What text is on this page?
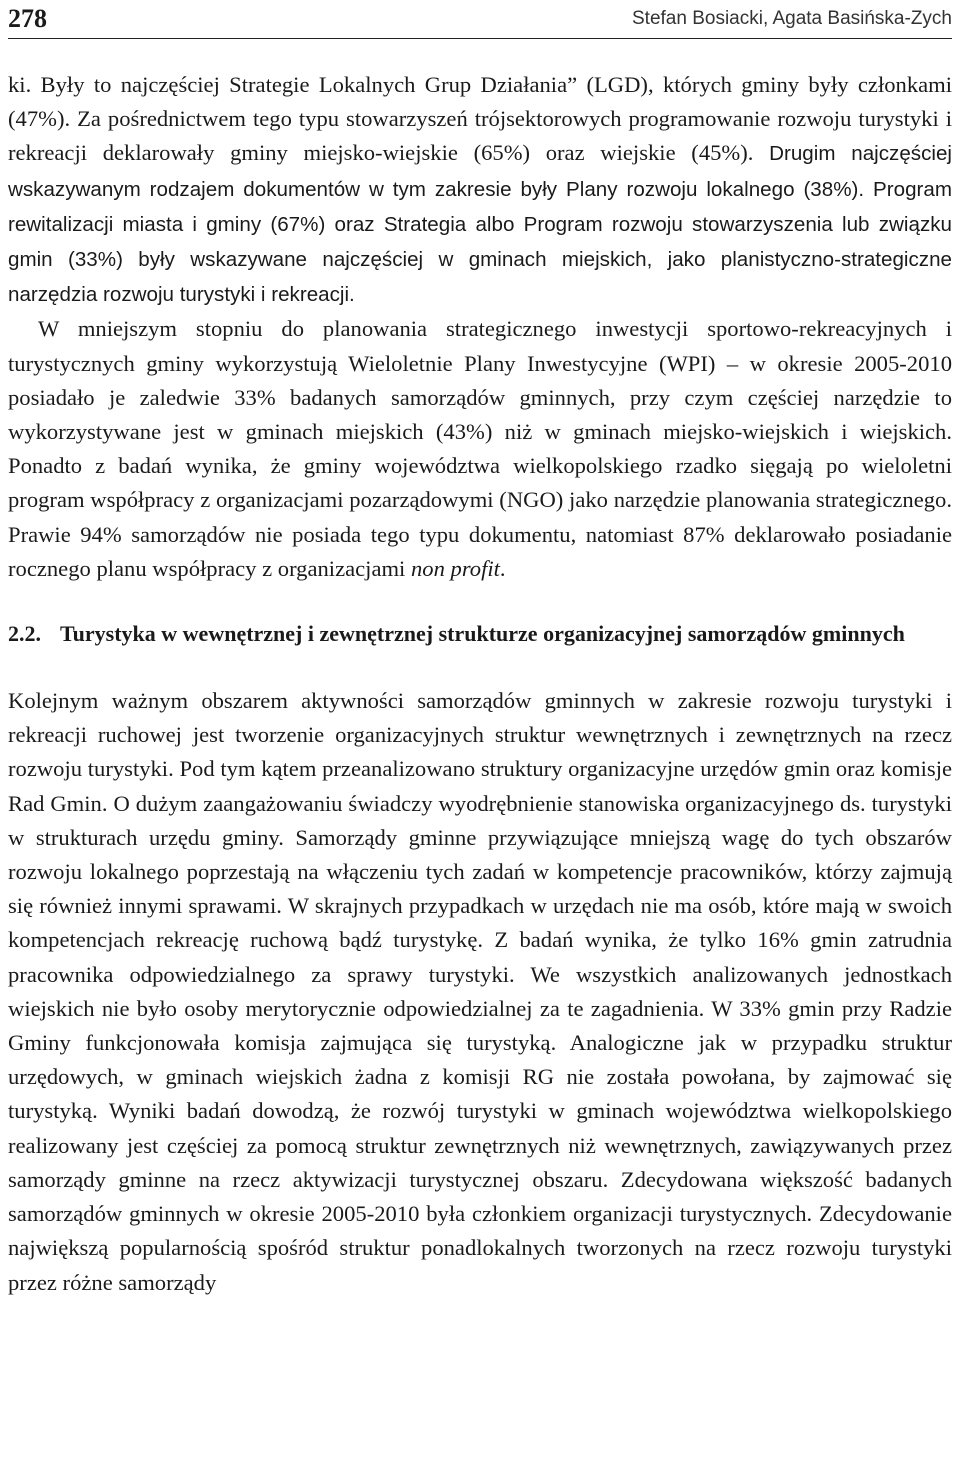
278	Stefan Bosiacki, Agata Basińska-Zych

ki. Były to najczęściej Strategie Lokalnych Grup Działania” (LGD), których gminy były członkami (47%). Za pośrednictwem tego typu stowarzyszeń trójsektorowych programowanie rozwoju turystyki i rekreacji deklarowały gminy miejsko-wiejskie (65%) oraz wiejskie (45%). Drugim najczęściej wskazywanym rodzajem dokumentów w tym zakresie były Plany rozwoju lokalnego (38%). Program rewitalizacji miasta i gminy (67%) oraz Strategia albo Program rozwoju stowarzyszenia lub związku gmin (33%) były wskazywane najczęściej w gminach miejskich, jako planistyczno-strategiczne narzędzia rozwoju turystyki i rekreacji.

W mniejszym stopniu do planowania strategicznego inwestycji sportowo-rekreacyjnych i turystycznych gminy wykorzystują Wieloletnie Plany Inwestycyjne (WPI) – w okresie 2005-2010 posiadało je zaledwie 33% badanych samorządów gminnych, przy czym częściej narzędzie to wykorzystywane jest w gminach miejskich (43%) niż w gminach miejsko-wiejskich i wiejskich. Ponadto z badań wynika, że gminy województwa wielkopolskiego rzadko sięgają po wieloletni program współpracy z organizacjami pozarządowymi (NGO) jako narzędzie planowania strategicznego. Prawie 94% samorządów nie posiada tego typu dokumentu, natomiast 87% deklarowało posiadanie rocznego planu współpracy z organizacjami non profit.

2.2. Turystyka w wewnętrznej i zewnętrznej strukturze organizacyjnej samorządów gminnych

Kolejnym ważnym obszarem aktywności samorządów gminnych w zakresie rozwoju turystyki i rekreacji ruchowej jest tworzenie organizacyjnych struktur wewnętrznych i zewnętrznych na rzecz rozwoju turystyki. Pod tym kątem przeanalizowano struktury organizacyjne urzędów gmin oraz komisje Rad Gmin. O dużym zaangażowaniu świadczy wyodrębnienie stanowiska organizacyjnego ds. turystyki w strukturach urzędu gminy. Samorządy gminne przywiązujące mniejszą wagę do tych obszarów rozwoju lokalnego poprzestają na włączeniu tych zadań w kompetencje pracowników, którzy zajmują się również innymi sprawami. W skrajnych przypadkach w urzędach nie ma osób, które mają w swoich kompetencjach rekreację ruchową bądź turystykę. Z badań wynika, że tylko 16% gmin zatrudnia pracownika odpowiedzialnego za sprawy turystyki. We wszystkich analizowanych jednostkach wiejskich nie było osoby merytorycznie odpowiedzialnej za te zagadnienia. W 33% gmin przy Radzie Gminy funkcjonowała komisja zajmująca się turystyką. Analogiczne jak w przypadku struktur urzędowych, w gminach wiejskich żadna z komisji RG nie została powołana, by zajmować się turystyką. Wyniki badań dowodzą, że rozwój turystyki w gminach województwa wielkopolskiego realizowany jest częściej za pomocą struktur zewnętrznych niż wewnętrznych, zawiązywanych przez samorządy gminne na rzecz aktywizacji turystycznej obszaru. Zdecydowana większość badanych samorządów gminnych w okresie 2005-2010 była członkiem organizacji turystycznych. Zdecydowanie największą popularnością spośród struktur ponadlokalnych tworzonych na rzecz rozwoju turystyki przez różne samorządy
